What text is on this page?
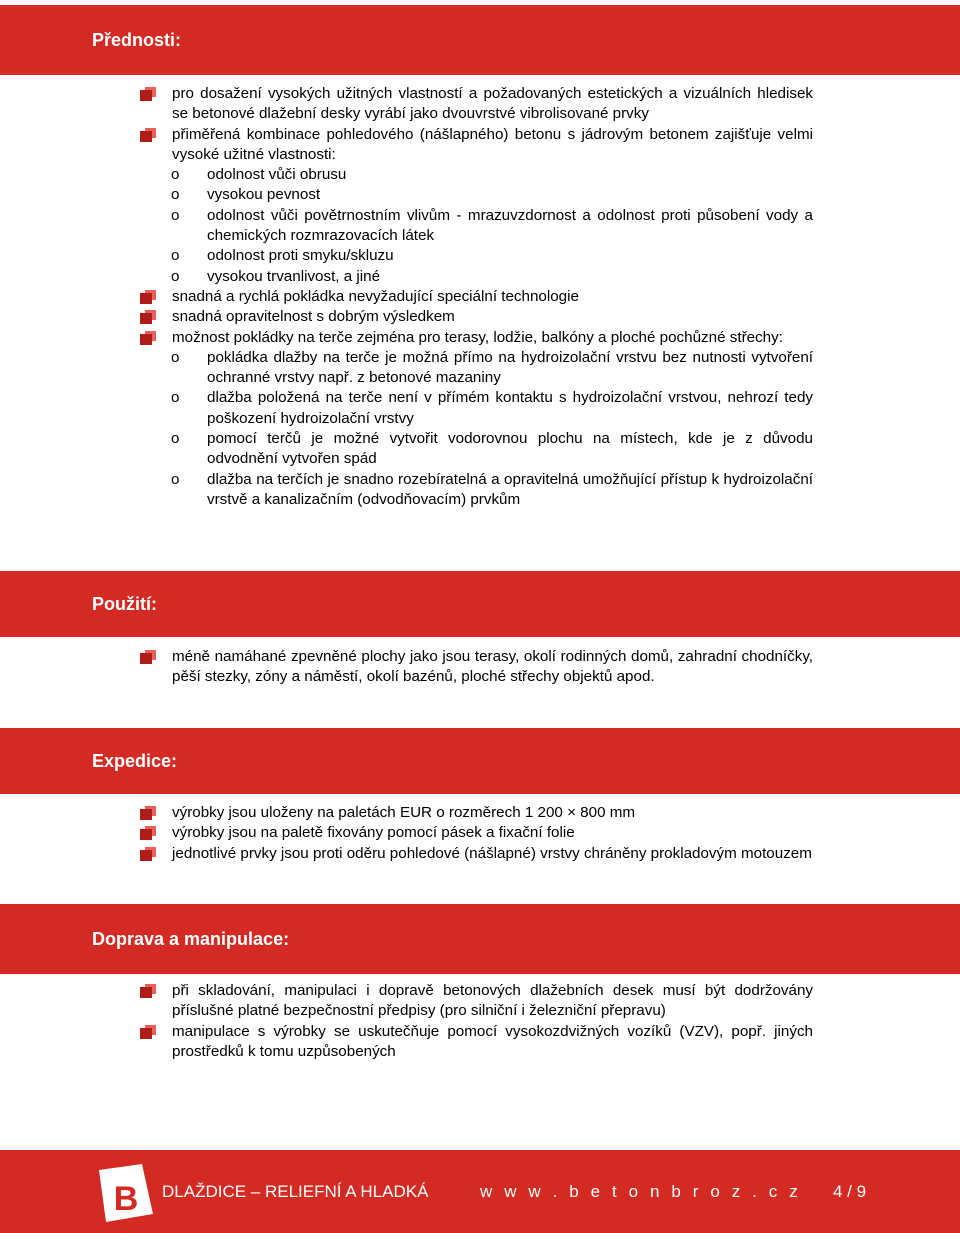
Přednosti:
pro dosažení vysokých užitných vlastností a požadovaných estetických a vizuálních hledisek se betonové dlažební desky vyrábí jako dvouvrstvé vibrolisované prvky
přiměřená kombinace pohledového (nášlapného) betonu s jádrovým betonem zajišťuje velmi vysoké užitné vlastnosti:
o odolnost vůči obrusu
o vysokou pevnost
o odolnost vůči povětrnostním vlivům - mrazuvzdornost a odolnost proti působení vody a chemických rozmrazovacích látek
o odolnost proti smyku/skluzu
o vysokou trvanlivost, a jiné
snadná a rychlá pokládka nevyžadující speciální technologie
snadná opravitelnost s dobrým výsledkem
možnost pokládky na terče zejména pro terasy, lodžie, balkóny a ploché pochůzné střechy:
o pokládka dlažby na terče je možná přímo na hydroizolační vrstvu bez nutnosti vytvoření ochranné vrstvy např. z betonové mazaniny
o dlažba položená na terče není v přímém kontaktu s hydroizolační vrstvou, nehrozí tedy poškození hydroizolační vrstvy
o pomocí terčů je možné vytvořit vodorovnou plochu na místech, kde je z důvodu odvodnění vytvořen spád
o dlažba na terčích je snadno rozebíratelná a opravitelná umožňující přístup k hydroizolační vrstvě a kanalizačním (odvodňovacím) prvkům
Použití:
méně namáhané zpevněné plochy jako jsou terasy, okolí rodinných domů, zahradní chodníčky, pěší stezky, zóny a náměstí, okolí bazénů, ploché střechy objektů apod.
Expedice:
výrobky jsou uloženy na paletách EUR o rozměrech 1 200 × 800 mm
výrobky jsou na paletě fixovány pomocí pásek a fixační folie
jednotlivé prvky jsou proti oděru pohledové (nášlapné) vrstvy chráněny prokladovým motouzem
Doprava a manipulace:
při skladování, manipulaci i dopravě betonových dlažebních desek musí být dodržovány příslušné platné bezpečnostní předpisy (pro silniční i železniční přepravu)
manipulace s výrobky se uskutečňuje pomocí vysokozdvižných vozíků (VZV), popř. jiných prostředků k tomu uzpůsobených
B DLAŽDICE – RELIEFNÍ A HLADKÁ	w w w . b e t o n b r o z . c z 4 / 9
